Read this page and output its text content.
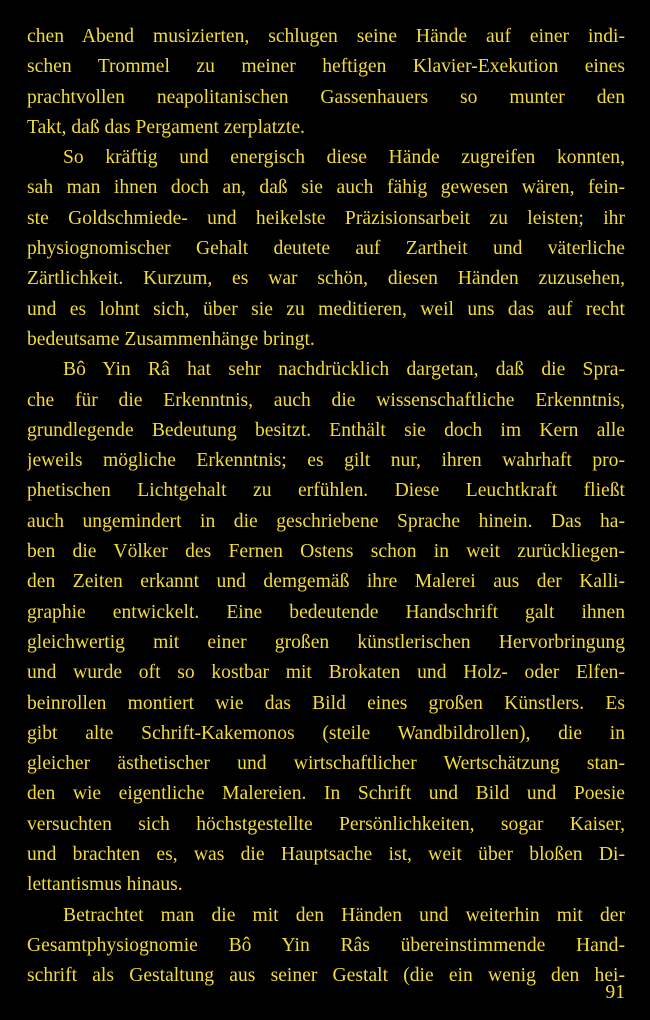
chen Abend musizierten, schlugen seine Hände auf einer indi-
schen Trommel zu meiner heftigen Klavier-Exekution eines
prachtvollen neapolitanischen Gassenhauers so munter den
Takt, daß das Pergament zerplatzte.
So kräftig und energisch diese Hände zugreifen konnten,
sah man ihnen doch an, daß sie auch fähig gewesen wären, fein-
ste Goldschmiede- und heikelste Präzisionsarbeit zu leisten; ihr
physiognomischer Gehalt deutete auf Zartheit und väterliche
Zärtlichkeit. Kurzum, es war schön, diesen Händen zuzusehen,
und es lohnt sich, über sie zu meditieren, weil uns das auf recht
bedeutsame Zusammenhänge bringt.
Bô Yin Râ hat sehr nachdrücklich dargetan, daß die Spra-
che für die Erkenntnis, auch die wissenschaftliche Erkenntnis,
grundlegende Bedeutung besitzt. Enthält sie doch im Kern alle
jeweils mögliche Erkenntnis; es gilt nur, ihren wahrhaft pro-
phetischen Lichtgehalt zu erfühlen. Diese Leuchtkraft fließt
auch ungemindert in die geschriebene Sprache hinein. Das ha-
ben die Völker des Fernen Ostens schon in weit zurückliegen-
den Zeiten erkannt und demgemäß ihre Malerei aus der Kalli-
graphie entwickelt. Eine bedeutende Handschrift galt ihnen
gleichwertig mit einer großen künstlerischen Hervorbringung
und wurde oft so kostbar mit Brokaten und Holz- oder Elfen-
beinrollen montiert wie das Bild eines großen Künstlers. Es
gibt alte Schrift-Kakemonos (steile Wandbildrollen), die in
gleicher ästhetischer und wirtschaftlicher Wertschätzung stan-
den wie eigentliche Malereien. In Schrift und Bild und Poesie
versuchten sich höchstgestellte Persönlichkeiten, sogar Kaiser,
und brachten es, was die Hauptsache ist, weit über bloßen Di-
lettantismus hinaus.
Betrachtet man die mit den Händen und weiterhin mit der
Gesamtphysiognomie Bô Yin Râs übereinstimmende Hand-
schrift als Gestaltung aus seiner Gestalt (die ein wenig den hei-
91
